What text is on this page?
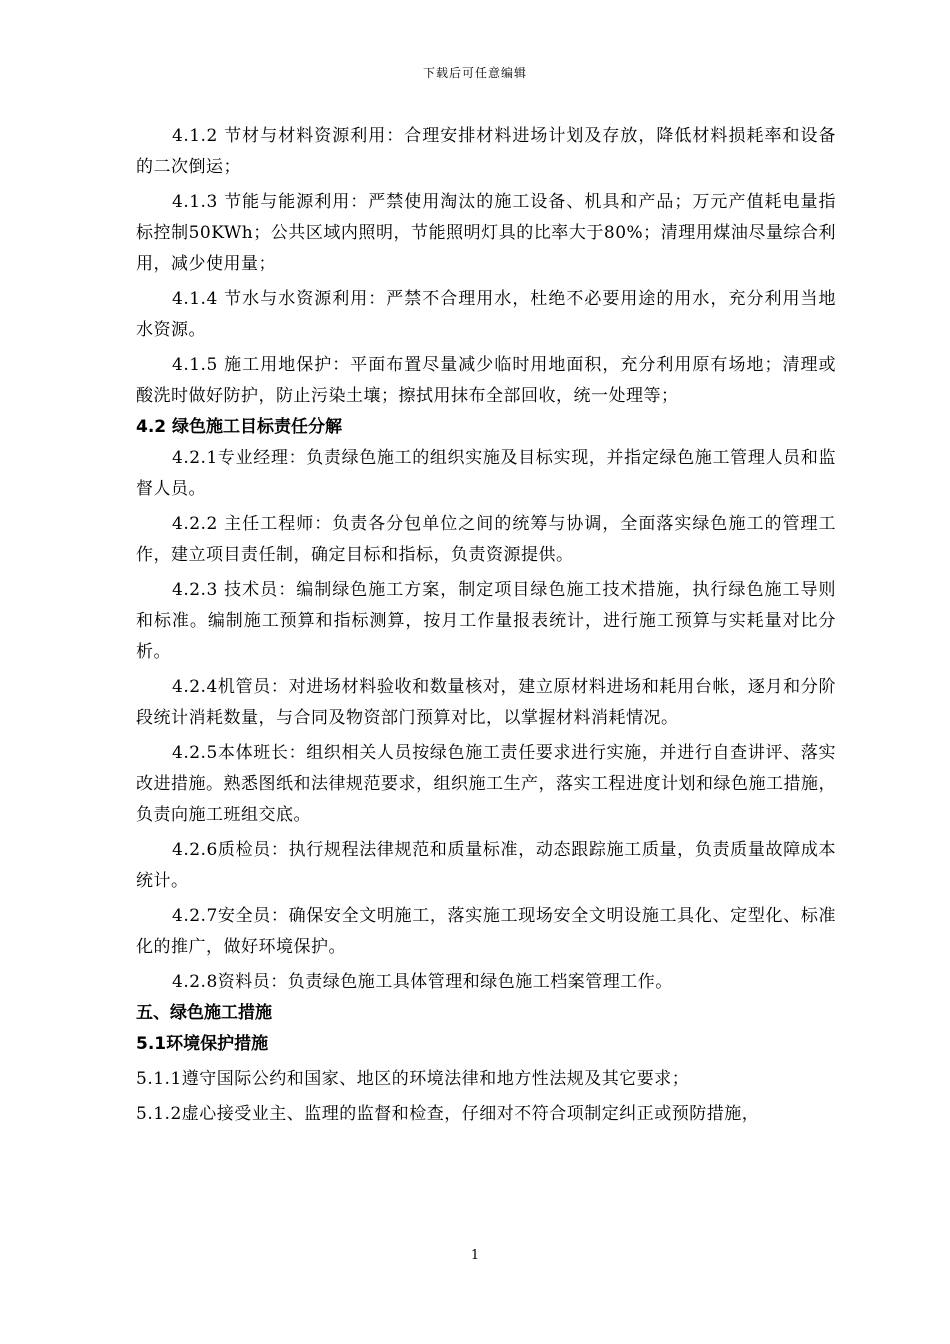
下载后可任意编辑

4.1.2 节材与材料资源利用：合理安排材料进场计划及存放，降低材料损耗率和设备的二次倒运；

4.1.3 节能与能源利用：严禁使用淘汰的施工设备、机具和产品；万元产值耗电量指标控制50KWh；公共区域内照明，节能照明灯具的比率大于80%；清理用煤油尽量综合利用，减少使用量；

4.1.4 节水与水资源利用：严禁不合理用水，杜绝不必要用途的用水，充分利用当地水资源。

4.1.5 施工用地保护：平面布置尽量减少临时用地面积，充分利用原有场地；清理或酸洗时做好防护，防止污染土壤；擦拭用抹布全部回收，统一处理等；

4.2 绿色施工目标责任分解

4.2.1专业经理：负责绿色施工的组织实施及目标实现，并指定绿色施工管理人员和监督人员。

4.2.2 主任工程师：负责各分包单位之间的统筹与协调，全面落实绿色施工的管理工作，建立项目责任制，确定目标和指标，负责资源提供。

4.2.3 技术员：编制绿色施工方案，制定项目绿色施工技术措施，执行绿色施工导则和标准。编制施工预算和指标测算，按月工作量报表统计，进行施工预算与实耗量对比分析。

4.2.4机管员：对进场材料验收和数量核对，建立原材料进场和耗用台帐，逐月和分阶段统计消耗数量，与合同及物资部门预算对比，以掌握材料消耗情况。

4.2.5本体班长：组织相关人员按绿色施工责任要求进行实施，并进行自查讲评、落实改进措施。熟悉图纸和法律规范要求，组织施工生产，落实工程进度计划和绿色施工措施，负责向施工班组交底。

4.2.6质检员：执行规程法律规范和质量标准，动态跟踪施工质量，负责质量故障成本统计。

4.2.7安全员：确保安全文明施工，落实施工现场安全文明设施工具化、定型化、标准化的推广，做好环境保护。

4.2.8资料员：负责绿色施工具体管理和绿色施工档案管理工作。

五、绿色施工措施

5.1环境保护措施

5.1.1遵守国际公约和国家、地区的环境法律和地方性法规及其它要求；

5.1.2虚心接受业主、监理的监督和检查，仔细对不符合项制定纠正或预防措施，

1
